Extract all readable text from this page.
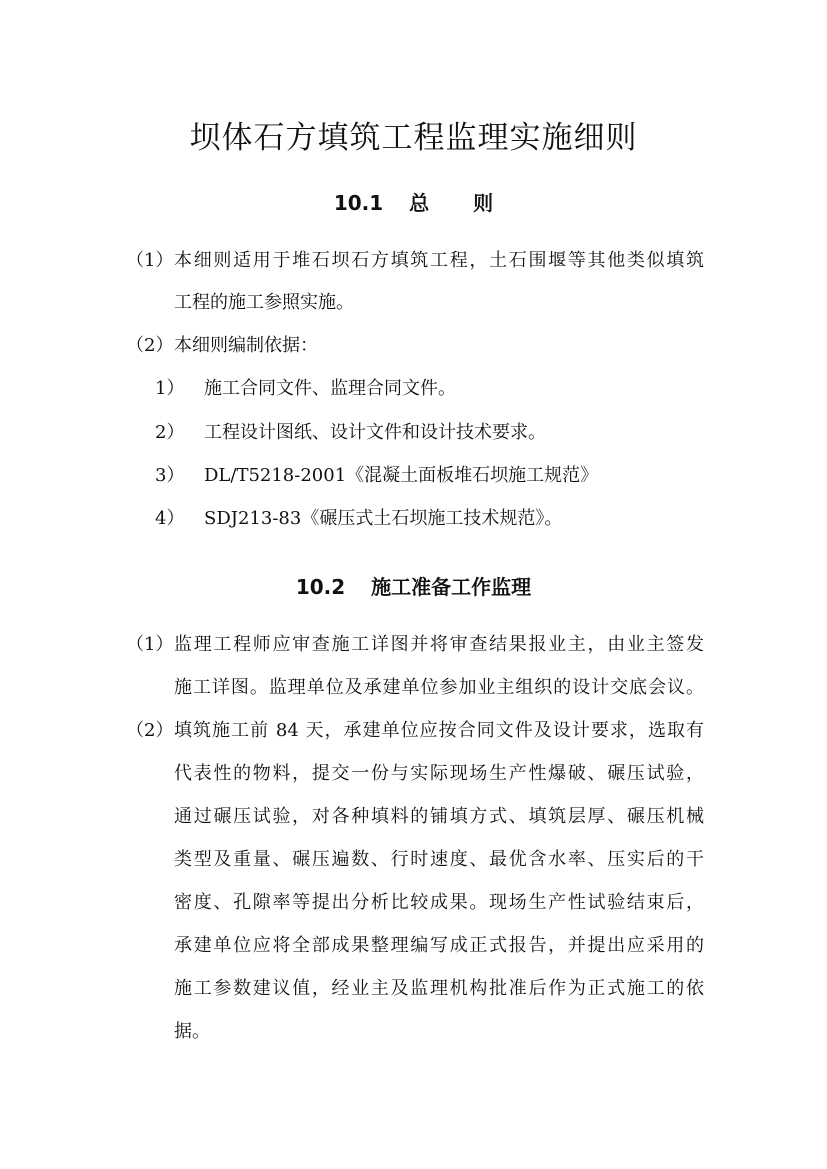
坝体石方填筑工程监理实施细则
10.1 总 则
（1） 本细则适用于堆石坝石方填筑工程，土石围堰等其他类似填筑
工程的施工参照实施。
（2） 本细则编制依据：
1） 施工合同文件、监理合同文件。
2） 工程设计图纸、设计文件和设计技术要求。
3） DL/T5218-2001《混凝土面板堆石坝施工规范》
4） SDJ213-83《碾压式土石坝施工技术规范》。
10.2 施工准备工作监理
（1） 监理工程师应审查施工详图并将审查结果报业主，由业主签发
施工详图。监理单位及承建单位参加业主组织的设计交底会议。
（2） 填筑施工前 84 天，承建单位应按合同文件及设计要求，选取有
代表性的物料，提交一份与实际现场生产性爆破、碾压试验，
通过碾压试验，对各种填料的铺填方式、填筑层厚、碾压机械
类型及重量、碾压遍数、行时速度、最优含水率、压实后的干
密度、孔隙率等提出分析比较成果。现场生产性试验结束后，
承建单位应将全部成果整理编写成正式报告，并提出应采用的
施工参数建议值，经业主及监理机构批准后作为正式施工的依
据。
